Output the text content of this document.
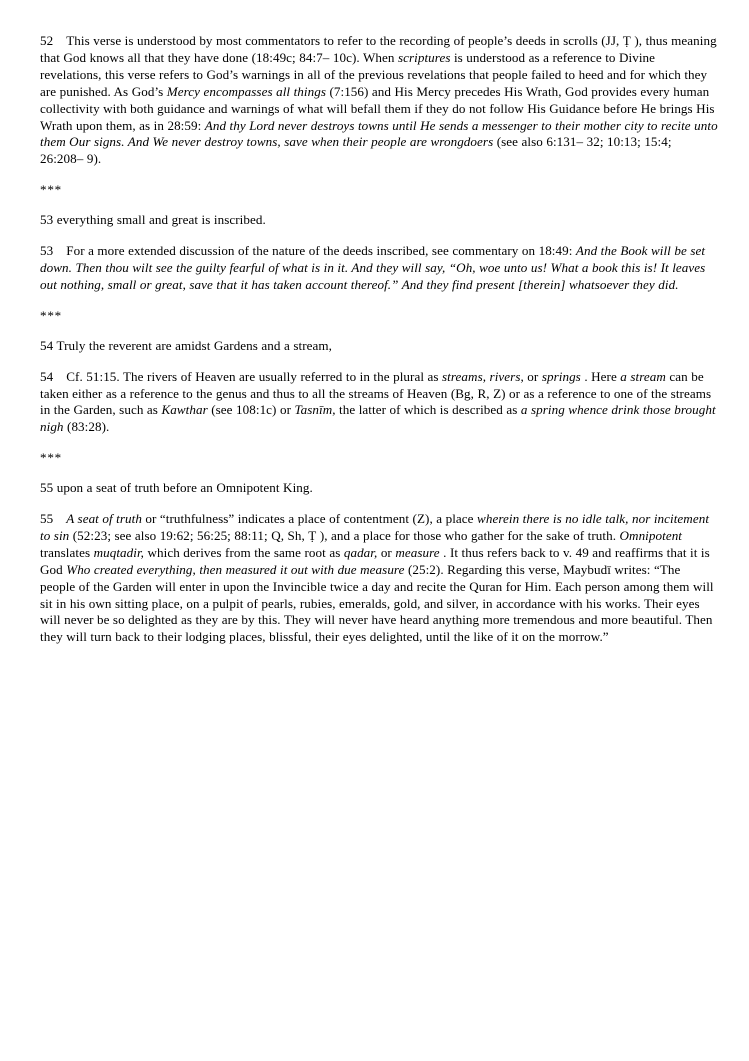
52 This verse is understood by most commentators to refer to the recording of people’s deeds in scrolls (JJ, Ṭ ), thus meaning that God knows all that they have done (18:49c; 84:7– 10c). When scriptures is understood as a reference to Divine revelations, this verse refers to God’s warnings in all of the previous revelations that people failed to heed and for which they are punished. As God’s Mercy encompasses all things (7:156) and His Mercy precedes His Wrath, God provides every human collectivity with both guidance and warnings of what will befall them if they do not follow His Guidance before He brings His Wrath upon them, as in 28:59: And thy Lord never destroys towns until He sends a messenger to their mother city to recite unto them Our signs. And We never destroy towns, save when their people are wrongdoers (see also 6:131– 32; 10:13; 15:4; 26:208– 9).

***

53 everything small and great is inscribed.

53 For a more extended discussion of the nature of the deeds inscribed, see commentary on 18:49: And the Book will be set down. Then thou wilt see the guilty fearful of what is in it. And they will say, “Oh, woe unto us! What a book this is! It leaves out nothing, small or great, save that it has taken account thereof.” And they find present [therein] whatsoever they did.

***

54 Truly the reverent are amidst Gardens and a stream,

54 Cf. 51:15. The rivers of Heaven are usually referred to in the plural as streams, rivers, or springs . Here a stream can be taken either as a reference to the genus and thus to all the streams of Heaven (Bg, R, Z) or as a reference to one of the streams in the Garden, such as Kawthar (see 108:1c) or Tasnīm, the latter of which is described as a spring whence drink those brought nigh (83:28).

***

55 upon a seat of truth before an Omnipotent King.

55 A seat of truth or “truthfulness” indicates a place of contentment (Z), a place wherein there is no idle talk, nor incitement to sin (52:23; see also 19:62; 56:25; 88:11; Q, Sh, Ṭ ), and a place for those who gather for the sake of truth. Omnipotent translates muqtadir, which derives from the same root as qadar, or measure . It thus refers back to v. 49 and reaffirms that it is God Who created everything, then measured it out with due measure (25:2). Regarding this verse, Maybudī writes: “The people of the Garden will enter in upon the Invincible twice a day and recite the Quran for Him. Each person among them will sit in his own sitting place, on a pulpit of pearls, rubies, emeralds, gold, and silver, in accordance with his works. Their eyes will never be so delighted as they are by this. They will never have heard anything more tremendous and more beautiful. Then they will turn back to their lodging places, blissful, their eyes delighted, until the like of it on the morrow.”
